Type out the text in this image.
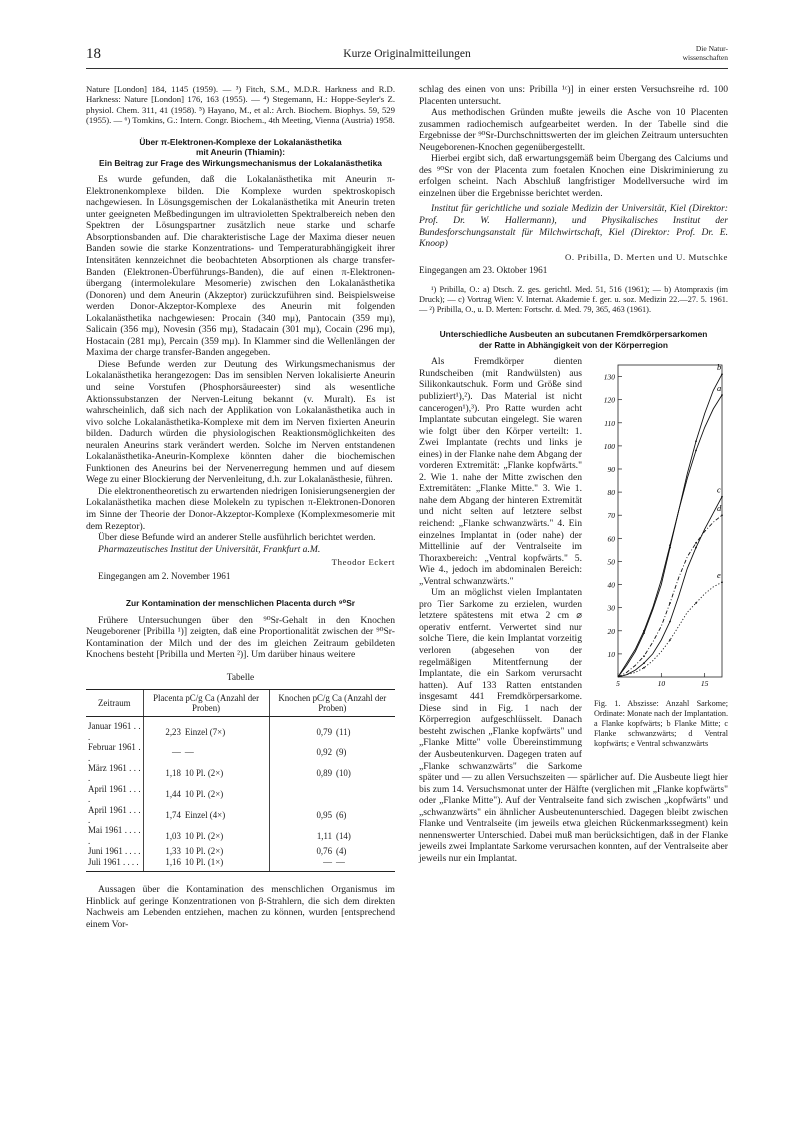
18	Kurze Originalmitteilungen	Die Natur-
wissenschaften

Nature [London] 184, 1145 (1959). — ³) Fitch, S.M., M.D.R. Harkness and R.D. Harkness: Nature [London] 176, 163 (1955). — ⁴) Stegemann, H.: Hoppe-Seyler's Z. physiol. Chem. 311, 41 (1958). ⁵) Hayano, M., et al.: Arch. Biochem. Biophys. 59, 529 (1955). — ⁶) Tomkins, G.: Intern. Congr. Biochem., 4th Meeting, Vienna (Austria) 1958.

Über π-Elektronen-Komplexe der Lokalanästhetika
mit Aneurin (Thiamin):
Ein Beitrag zur Frage des Wirkungsmechanismus der Lokalanästhetika

Es wurde gefunden, daß die Lokalanästhetika mit Aneurin π-Elektronenkomplexe bilden. Die Komplexe wurden spektroskopisch nachgewiesen. In Lösungsgemischen der Lokalanästhetika mit Aneurin treten unter geeigneten Meßbedingungen im ultravioletten Spektralbereich neben den Spektren der Lösungspartner zusätzlich neue starke und scharfe Absorptionsbanden auf. Die charakteristische Lage der Maxima dieser neuen Banden sowie die starke Konzentrations- und Temperaturabhängigkeit ihrer Intensitäten kennzeichnet die beobachteten Absorptionen als charge transfer-Banden (Elektronen-Überführungs-Banden), die auf einen π-Elektronen-übergang (intermolekulare Mesomerie) zwischen den Lokalanästhetika (Donoren) und dem Aneurin (Akzeptor) zurückzuführen sind. Beispielsweise werden Donor-Akzeptor-Komplexe des Aneurin mit folgenden Lokalanästhetika nachgewiesen: Procain (340 mμ), Pantocain (359 mμ), Salicain (356 mμ), Novesin (356 mμ), Stadacain (301 mμ), Cocain (296 mμ), Hostacain (281 mμ), Percain (359 mμ). In Klammer sind die Wellenlängen der Maxima der charge transfer-Banden angegeben.

Diese Befunde werden zur Deutung des Wirkungsmechanismus der Lokalanästhetika herangezogen: Das im sensiblen Nerven lokalisierte Aneurin und seine Vorstufen (Phosphorsäureester) sind als wesentliche Aktionssubstanzen der Nerven-Leitung bekannt (v. Muralt). Es ist wahrscheinlich, daß sich nach der Applikation von Lokalanästhetika auch in vivo solche Lokalanästhetika-Komplexe mit dem im Nerven fixierten Aneurin bilden. Dadurch würden die physiologischen Reaktionsmöglichkeiten des neuralen Aneurins stark verändert werden. Solche im Nerven entstandenen Lokalanästhetika-Aneurin-Komplexe könnten daher die biochemischen Funktionen des Aneurins bei der Nervenerregung hemmen und auf diesem Wege zu einer Blockierung der Nervenleitung, d.h. zur Lokalanästhesie, führen.

Die elektronentheoretisch zu erwartenden niedrigen Ionisierungsenergien der Lokalanästhetika machen diese Molekeln zu typischen π-Elektronen-Donoren im Sinne der Theorie der Donor-Akzeptor-Komplexe (Komplexmesomerie mit dem Rezeptor).

Über diese Befunde wird an anderer Stelle ausführlich berichtet werden.

Pharmazeutisches Institut der Universität, Frankfurt a.M.

Theodor Eckert

Eingegangen am 2. November 1961

Zur Kontamination der menschlichen Placenta durch ⁹⁰Sr

Frühere Untersuchungen über den ⁹⁰Sr-Gehalt in den Knochen Neugeborener [Pribilla ¹)] zeigten, daß eine Proportionalität zwischen der ⁹⁰Sr-Kontamination der Milch und der des im gleichen Zeitraum gebildeten Knochens besteht [Pribilla und Merten ²)]. Um darüber hinaus weitere

Tabelle
Zeitraum	Placenta pC/g Ca (Anzahl der Proben)		Knochen pC/g Ca (Anzahl der Proben)	
Januar 1961 . . .	2,23	Einzel (7×)	0,79	(11)
Februar 1961 . .	—	—	0,92	(9)
März 1961 . . . .	1,18	10 Pl. (2×)	0,89	(10)
April 1961 . . . .	1,44	10 Pl. (2×)		
April 1961 . . . .	1,74	Einzel (4×)	0,95	(6)
Mai 1961 . . . . .	1,03	10 Pl. (2×)	1,11	(14)
Juni 1961 . . . .	1,33	10 Pl. (2×)	0,76	(4)
Juli 1961 . . . .	1,16	10 Pl. (1×)	—	—

Aussagen über die Kontamination des menschlichen Organismus im Hinblick auf geringe Konzentrationen von β-Strahlern, die sich dem direkten Nachweis am Lebenden entziehen, machen zu können, wurden [entsprechend einem Vor-

schlag des einen von uns: Pribilla ¹ᶜ)] in einer ersten Versuchsreihe rd. 100 Placenten untersucht.

Aus methodischen Gründen mußte jeweils die Asche von 10 Placenten zusammen radiochemisch aufgearbeitet werden. In der Tabelle sind die Ergebnisse der ⁹⁰Sr-Durchschnittswerten der im gleichen Zeitraum untersuchten Neugeborenen-Knochen gegenübergestellt.

Hierbei ergibt sich, daß erwartungsgemäß beim Übergang des Calciums und des ⁹⁰Sr von der Placenta zum foetalen Knochen eine Diskriminierung zu erfolgen scheint. Nach Abschluß langfristiger Modellversuche wird im einzelnen über die Ergebnisse berichtet werden.

Institut für gerichtliche und soziale Medizin der Universität, Kiel (Direktor: Prof. Dr. W. Hallermann), und Physikalisches Institut der Bundesforschungsanstalt für Milchwirtschaft, Kiel (Direktor: Prof. Dr. E. Knoop)

O. Pribilla, D. Merten und U. Mutschke

Eingegangen am 23. Oktober 1961

¹) Pribilla, O.: a) Dtsch. Z. ges. gerichtl. Med. 51, 516 (1961); — b) Atompraxis (im Druck); — c) Vortrag Wien: V. Internat. Akademie f. ger. u. soz. Medizin 22.—27. 5. 1961. — ²) Pribilla, O., u. D. Merten: Fortschr. d. Med. 79, 365, 463 (1961).

Unterschiedliche Ausbeuten an subcutanen Fremdkörpersarkomen
der Ratte in Abhängigkeit von der Körperregion
10
20
30
40
50
60
70
80
90
100
110
120
130
5	10	15
a
b
c
d
e
Fig. 1. Abszisse: Anzahl Sarkome; Ordinate: Monate nach der Implantation. a Flanke kopfwärts; b Flanke Mitte; c Flanke schwanzwärts; d Ventral kopfwärts; e Ventral schwanzwärts

Als Fremdkörper dienten Rundscheiben (mit Randwülsten) aus Silikonkautschuk. Form und Größe sind publiziert¹),²). Das Material ist nicht cancerogen¹),³). Pro Ratte wurden acht Implantate subcutan eingelegt. Sie waren wie folgt über den Körper verteilt: 1. Zwei Implantate (rechts und links je eines) in der Flanke nahe dem Abgang der vorderen Extremität: „Flanke kopfwärts." 2. Wie 1. nahe der Mitte zwischen den Extremitäten: „Flanke Mitte." 3. Wie 1. nahe dem Abgang der hinteren Extremität und nicht selten auf letztere selbst reichend: „Flanke schwanzwärts." 4. Ein einzelnes Implantat in (oder nahe) der Mittellinie auf der Ventralseite im Thoraxbereich: „Ventral kopfwärts." 5. Wie 4., jedoch im abdominalen Bereich: „Ventral schwanzwärts."

Um an möglichst vielen Implantaten pro Tier Sarkome zu erzielen, wurden letztere spätestens mit etwa 2 cm ⌀ operativ entfernt. Verwertet sind nur solche Tiere, die kein Implantat vorzeitig verloren (abgesehen von der regelmäßigen Mitentfernung der Implantate, die ein Sarkom verursacht hatten). Auf 133 Ratten entstanden insgesamt 441 Fremdkörpersarkome. Diese sind in Fig. 1 nach der Körperregion aufgeschlüsselt. Danach besteht zwischen „Flanke kopfwärts" und „Flanke Mitte" volle Übereinstimmung der Ausbeutenkurven. Dagegen traten auf „Flanke schwanzwärts" die Sarkome später und — zu allen Versuchszeiten — spärlicher auf. Die Ausbeute liegt hier bis zum 14. Versuchsmonat unter der Hälfte (verglichen mit „Flanke kopfwärts" oder „Flanke Mitte"). Auf der Ventralseite fand sich zwischen „kopfwärts" und „schwanzwärts" ein ähnlicher Ausbeutenunterschied. Dagegen bleibt zwischen Flanke und Ventralseite (im jeweils etwa gleichen Rückenmarkssegment) kein nennenswerter Unterschied. Dabei muß man berücksichtigen, daß in der Flanke jeweils zwei Implantate Sarkome verursachen konnten, auf der Ventralseite aber jeweils nur ein Implantat.
